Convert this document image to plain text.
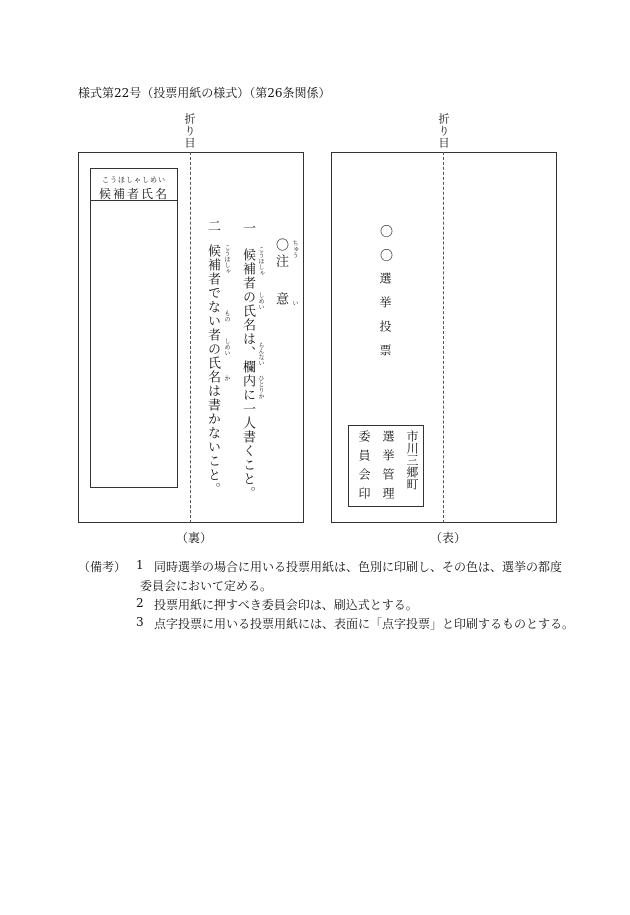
様式第22号（投票用紙の様式）（第26条関係）
折り目	折り目
こうほしゃしめい
候補者氏名
ちゅう
い
〇
注　意
一
候補者の氏名は、欄内に一人書くこと。 こうほしゃ
しめい
らんない
ひとりか
二
候補者でない者の氏名は書かないこと。 こうほしゃ
もの
しめい
か
（裏）
〇
〇
選挙投票
市川三郷町
選挙管理
委員会印
（表）
（備考） 1 同時選挙の場合に用いる投票用紙は、色別に印刷し、その色は、選挙の都度
委員会において定める。
2 投票用紙に押すべき委員会印は、刷込式とする。
3 点字投票に用いる投票用紙には、表面に「点字投票」と印刷するものとする。
